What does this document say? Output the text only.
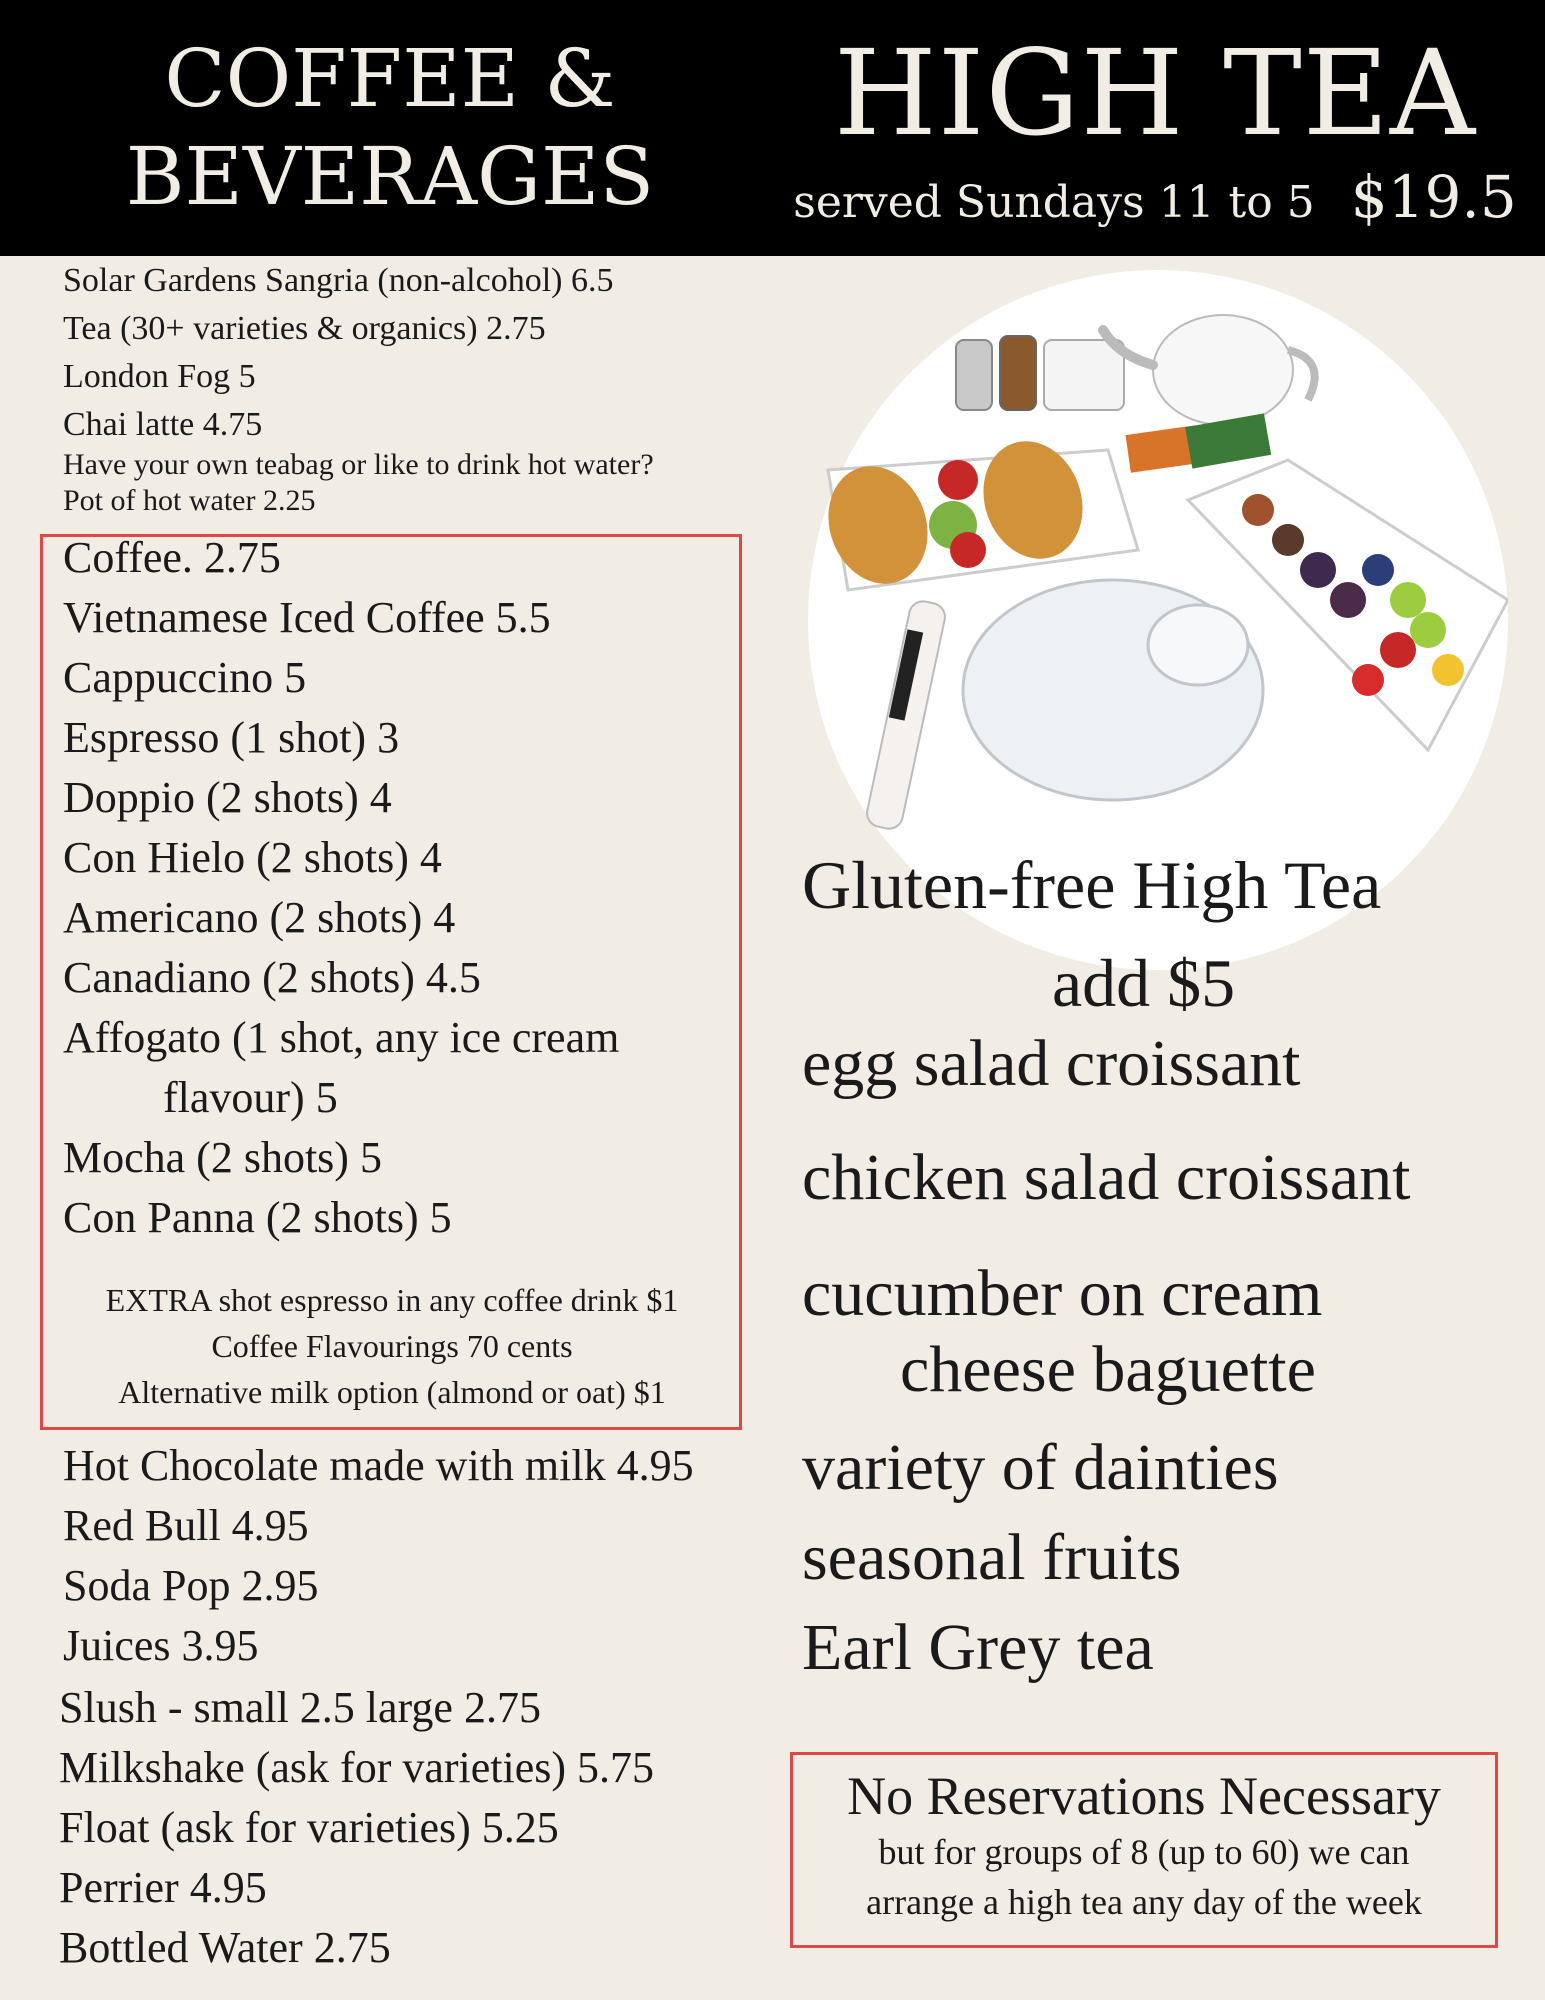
COFFEE &
BEVERAGES
HIGH TEA
served Sundays 11 to 5 $19.5
Solar Gardens Sangria (non-alcohol) 6.5
Tea (30+ varieties & organics) 2.75
London Fog 5
Chai latte 4.75
Have your own teabag or like to drink hot water?
Pot of hot water 2.25
Coffee. 2.75
Vietnamese Iced Coffee 5.5
Cappuccino 5
Espresso (1 shot) 3
Doppio (2 shots) 4
Con Hielo (2 shots) 4
Americano (2 shots) 4
Canadiano (2 shots) 4.5
Affogato (1 shot, any ice cream
flavour) 5
Mocha (2 shots) 5
Con Panna (2 shots) 5
EXTRA shot espresso in any coffee drink $1
Coffee Flavourings 70 cents
Alternative milk option (almond or oat) $1
Hot Chocolate made with milk 4.95
Red Bull 4.95
Soda Pop 2.95
Juices 3.95
Slush - small 2.5 large 2.75
Milkshake (ask for varieties) 5.75
Float (ask for varieties) 5.25
Perrier 4.95
Bottled Water 2.75
Gluten-free High Tea
add $5
egg salad croissant
chicken salad croissant
cucumber on cream
cheese baguette
variety of dainties
seasonal fruits
Earl Grey tea
No Reservations Necessary
but for groups of 8 (up to 60) we can
arrange a high tea any day of the week
